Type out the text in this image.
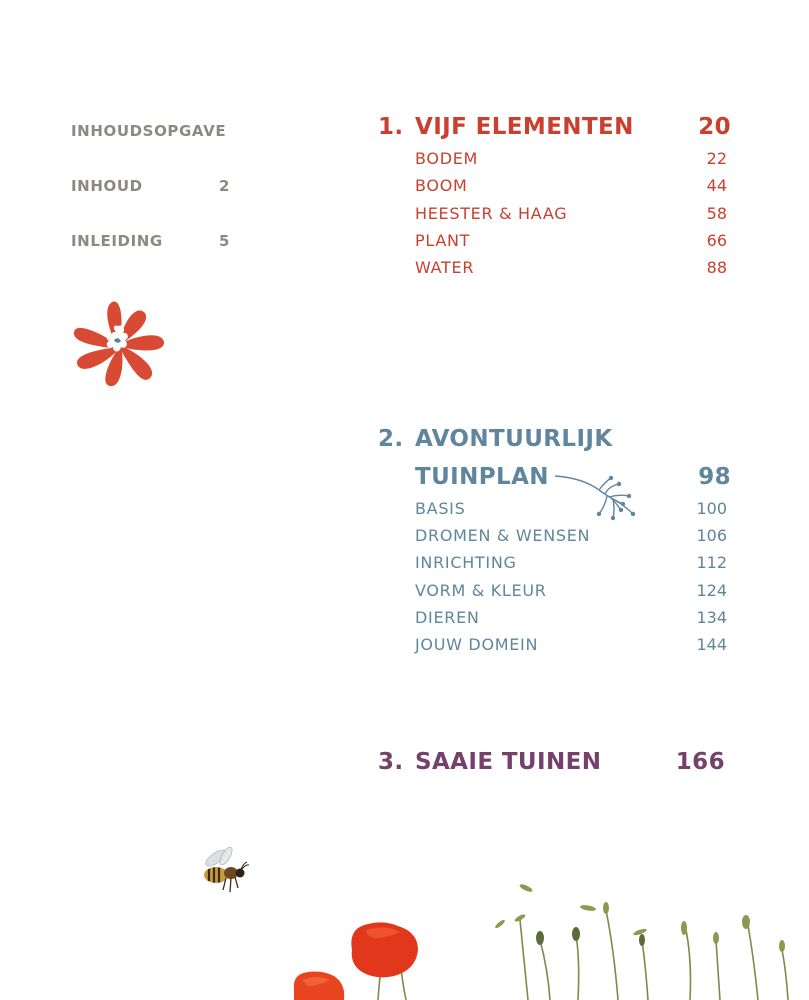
INHOUDSOPGAVE
INHOUD	2
INLEIDING	5
1. VIJF ELEMENTEN	20
BODEM	22
BOOM	44
HEESTER & HAAG	58
PLANT	66
WATER	88
2. AVONTUURLIJK
TUINPLAN	98
BASIS	100
DROMEN & WENSEN	106
INRICHTING	112
VORM & KLEUR	124
DIEREN	134
JOUW DOMEIN	144
3. SAAIE TUINEN	166
